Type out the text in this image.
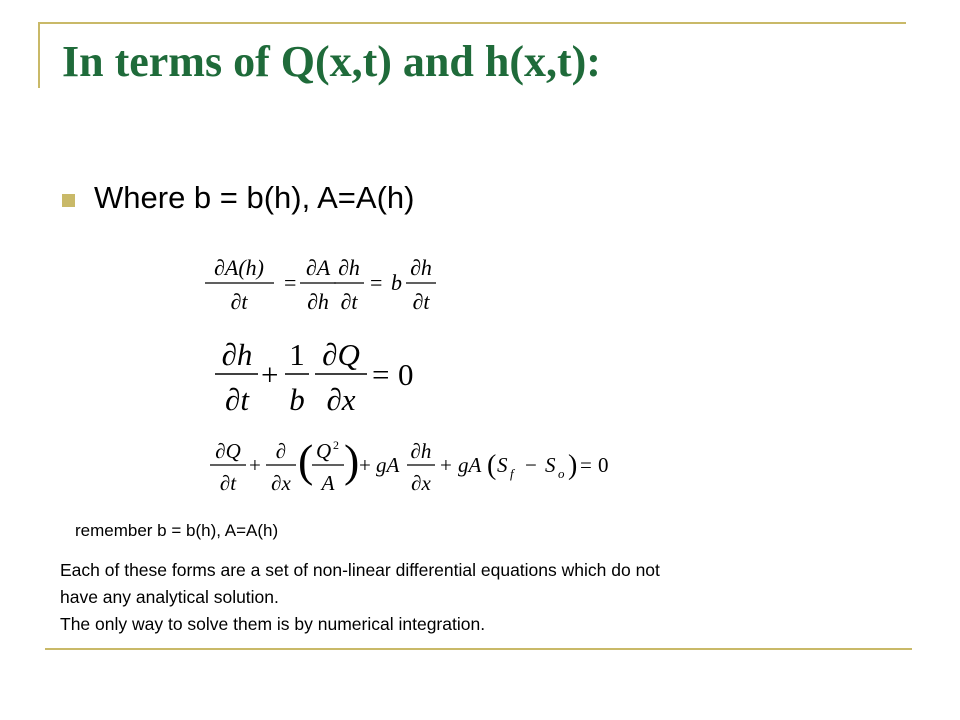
In terms of Q(x,t) and h(x,t):
Where b = b(h), A=A(h)
∂A(h)
∂t
=
∂A
∂h
∂h
∂t
= b
∂h
∂t
∂h
∂t
+
1
b
∂Q
∂x
= 0
∂Q
∂t
+
∂
∂x ( Q 2
A ) + gA
∂h
∂x
+ gA ( S f − S o ) = 0
remember b = b(h), A=A(h)
Each of these forms are a set of non-linear differential equations which do not
have any analytical solution.
The only way to solve them is by numerical integration.
